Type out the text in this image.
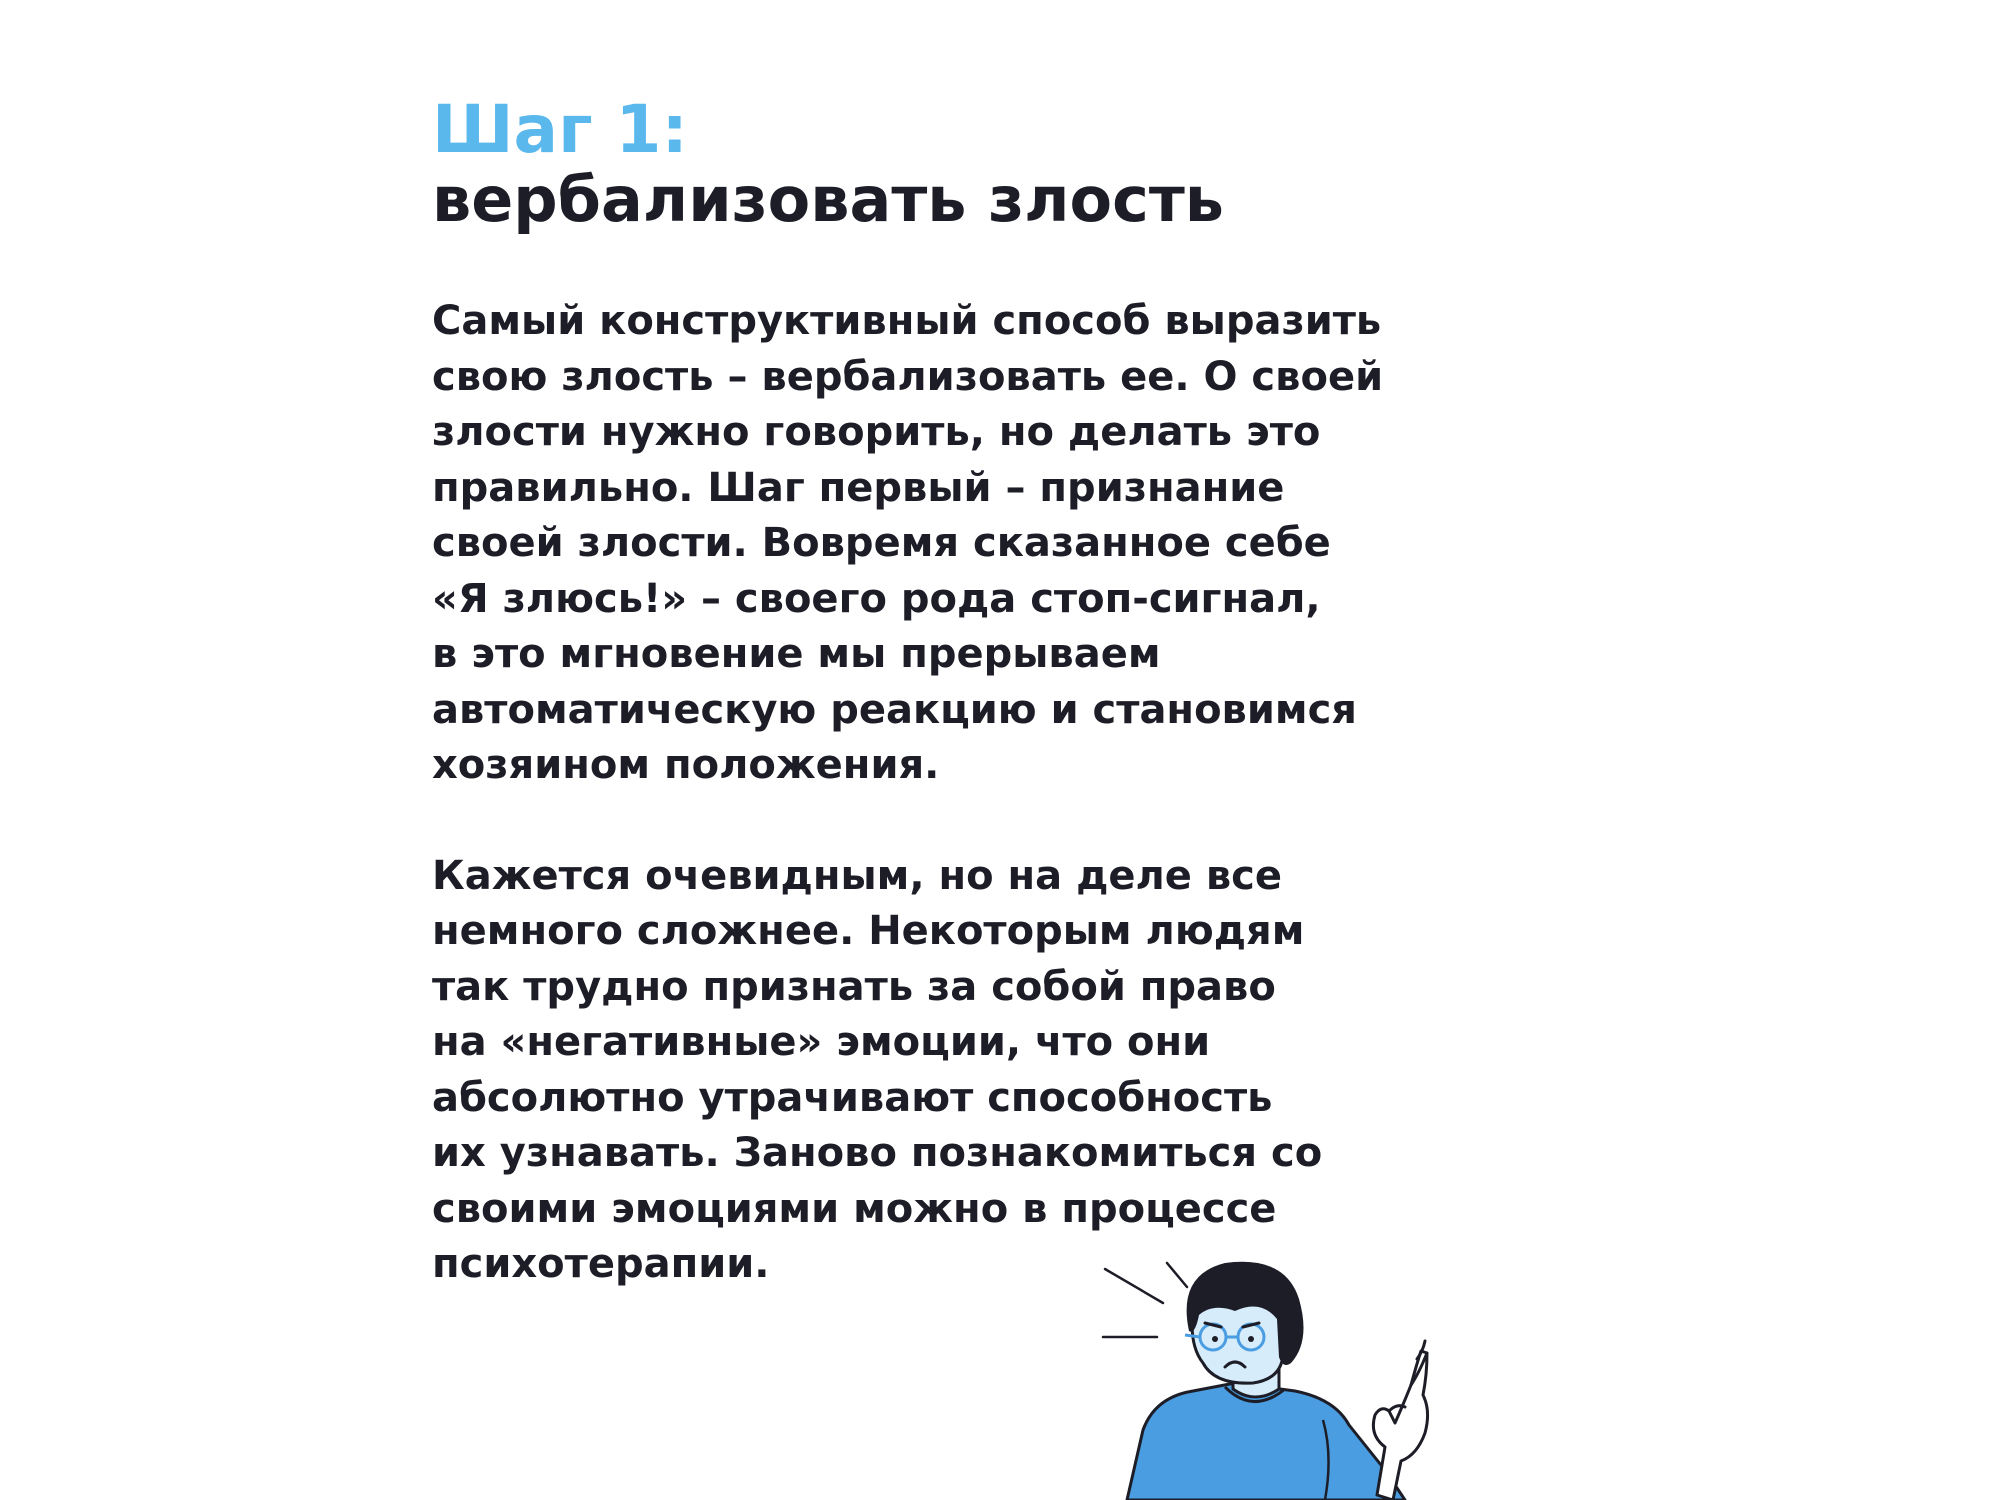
Шаг 1:
вербализовать злость
Самый конструктивный способ выразить
свою злость – вербализовать ее. О своей
злости нужно говорить, но делать это
правильно. Шаг первый – признание
своей злости. Вовремя сказанное себе
«Я злюсь!» – своего рода стоп-сигнал,
в это мгновение мы прерываем
автоматическую реакцию и становимся
хозяином положения.
Кажется очевидным, но на деле все
немного сложнее. Некоторым людям
так трудно признать за собой право
на «негативные» эмоции, что они
абсолютно утрачивают способность
их узнавать. Заново познакомиться со
своими эмоциями можно в процессе
психотерапии.
